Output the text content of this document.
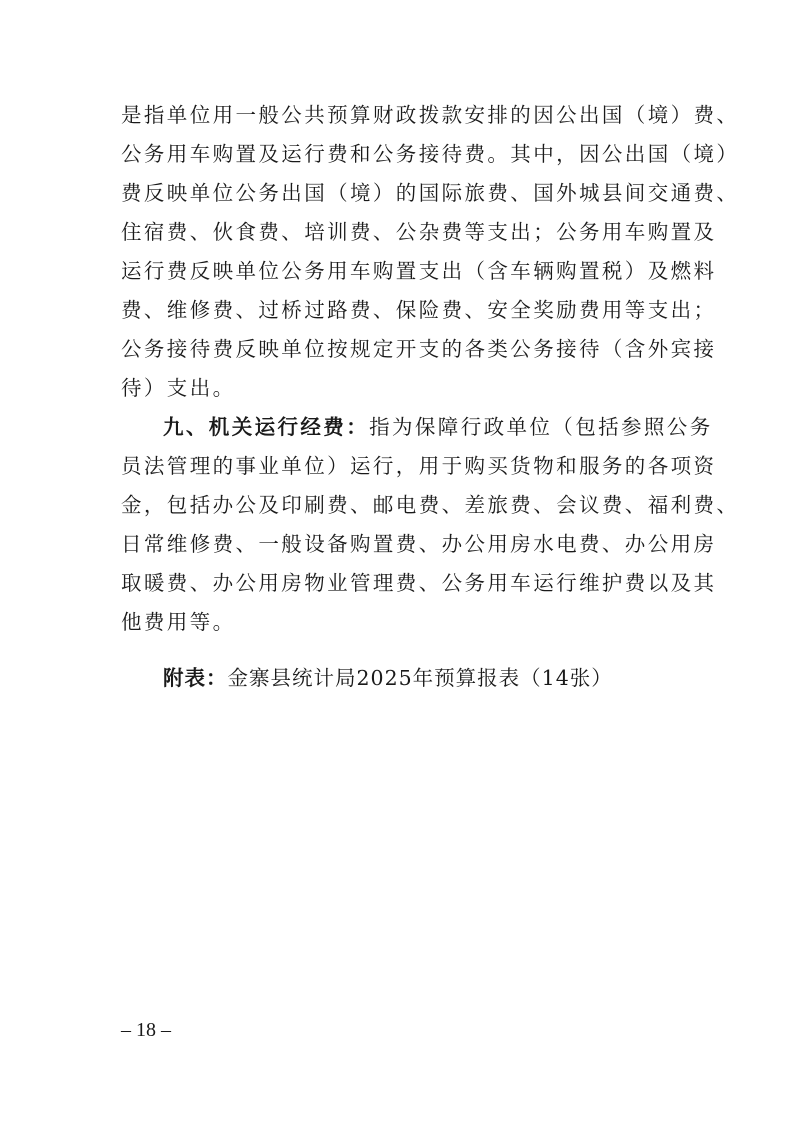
是指单位用一般公共预算财政拨款安排的因公出国（境）费、
公务用车购置及运行费和公务接待费。其中，因公出国（境）
费反映单位公务出国（境）的国际旅费、国外城县间交通费、
住宿费、伙食费、培训费、公杂费等支出；公务用车购置及
运行费反映单位公务用车购置支出（含车辆购置税）及燃料
费、维修费、过桥过路费、保险费、安全奖励费用等支出；
公务接待费反映单位按规定开支的各类公务接待（含外宾接
待）支出。
九、机关运行经费：指为保障行政单位（包括参照公务
员法管理的事业单位）运行，用于购买货物和服务的各项资
金，包括办公及印刷费、邮电费、差旅费、会议费、福利费、
日常维修费、一般设备购置费、办公用房水电费、办公用房
取暖费、办公用房物业管理费、公务用车运行维护费以及其
他费用等。
附表：金寨县统计局2025年预算报表（14张）
– 18 –
